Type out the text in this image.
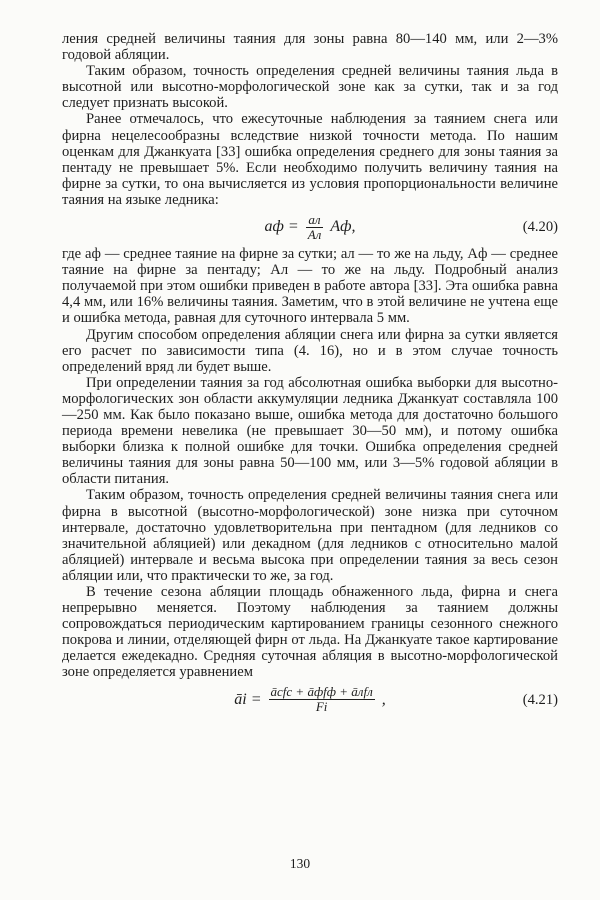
ления средней величины таяния для зоны равна 80—140 мм, или 2—3% годовой абляции.

Таким образом, точность определения средней величины таяния льда в высотной или высотно-морфологической зоне как за сутки, так и за год следует признать высокой.

Ранее отмечалось, что ежесуточные наблюдения за таянием снега или фирна нецелесообразны вследствие низкой точности метода. По нашим оценкам для Джанкуата [33] ошибка определения среднего для зоны таяния за пентаду не превышает 5%. Если необходимо получить величину таяния на фирне за сутки, то она вычисляется из условия пропорциональности величине таяния на языке ледника:

aф = $\frac{aл}{Aл}$ Aф,	(4.20)

где aф — среднее таяние на фирне за сутки; aл — то же на льду, Aф — среднее таяние на фирне за пентаду; Aл — то же на льду. Подробный анализ получаемой при этом ошибки приведен в работе автора [33]. Эта ошибка равна 4,4 мм, или 16% величины таяния. Заметим, что в этой величине не учтена еще и ошибка метода, равная для суточного интервала 5 мм.

Другим способом определения абляции снега или фирна за сутки является его расчет по зависимости типа (4. 16), но и в этом случае точность определений вряд ли будет выше.

При определении таяния за год абсолютная ошибка выборки для высотно-морфологических зон области аккумуляции ледника Джанкуат составляла 100—250 мм. Как было показано выше, ошибка метода для достаточно большого периода времени невелика (не превышает 30—50 мм), и потому ошибка выборки близка к полной ошибке для точки. Ошибка определения средней величины таяния для зоны равна 50—100 мм, или 3—5% годовой абляции в области питания.

Таким образом, точность определения средней величины таяния снега или фирна в высотной (высотно-морфологической) зоне низка при суточном интервале, достаточно удовлетворительна при пентадном (для ледников со значительной абляцией) или декадном (для ледников с относительно малой абляцией) интервале и весьма высока при определении таяния за весь сезон абляции или, что практически то же, за год.

В течение сезона абляции площадь обнаженного льда, фирна и снега непрерывно меняется. Поэтому наблюдения за таянием должны сопровождаться периодическим картированием границы сезонного снежного покрова и линии, отделяющей фирн от льда. На Джанкуате такое картирование делается ежедекадно. Средняя суточная абляция в высотно-морфологической зоне определяется уравнением

āi = $\frac{\text{āсfс + āфfф + āлfл}}{Fi}$ ,	(4.21)
130
